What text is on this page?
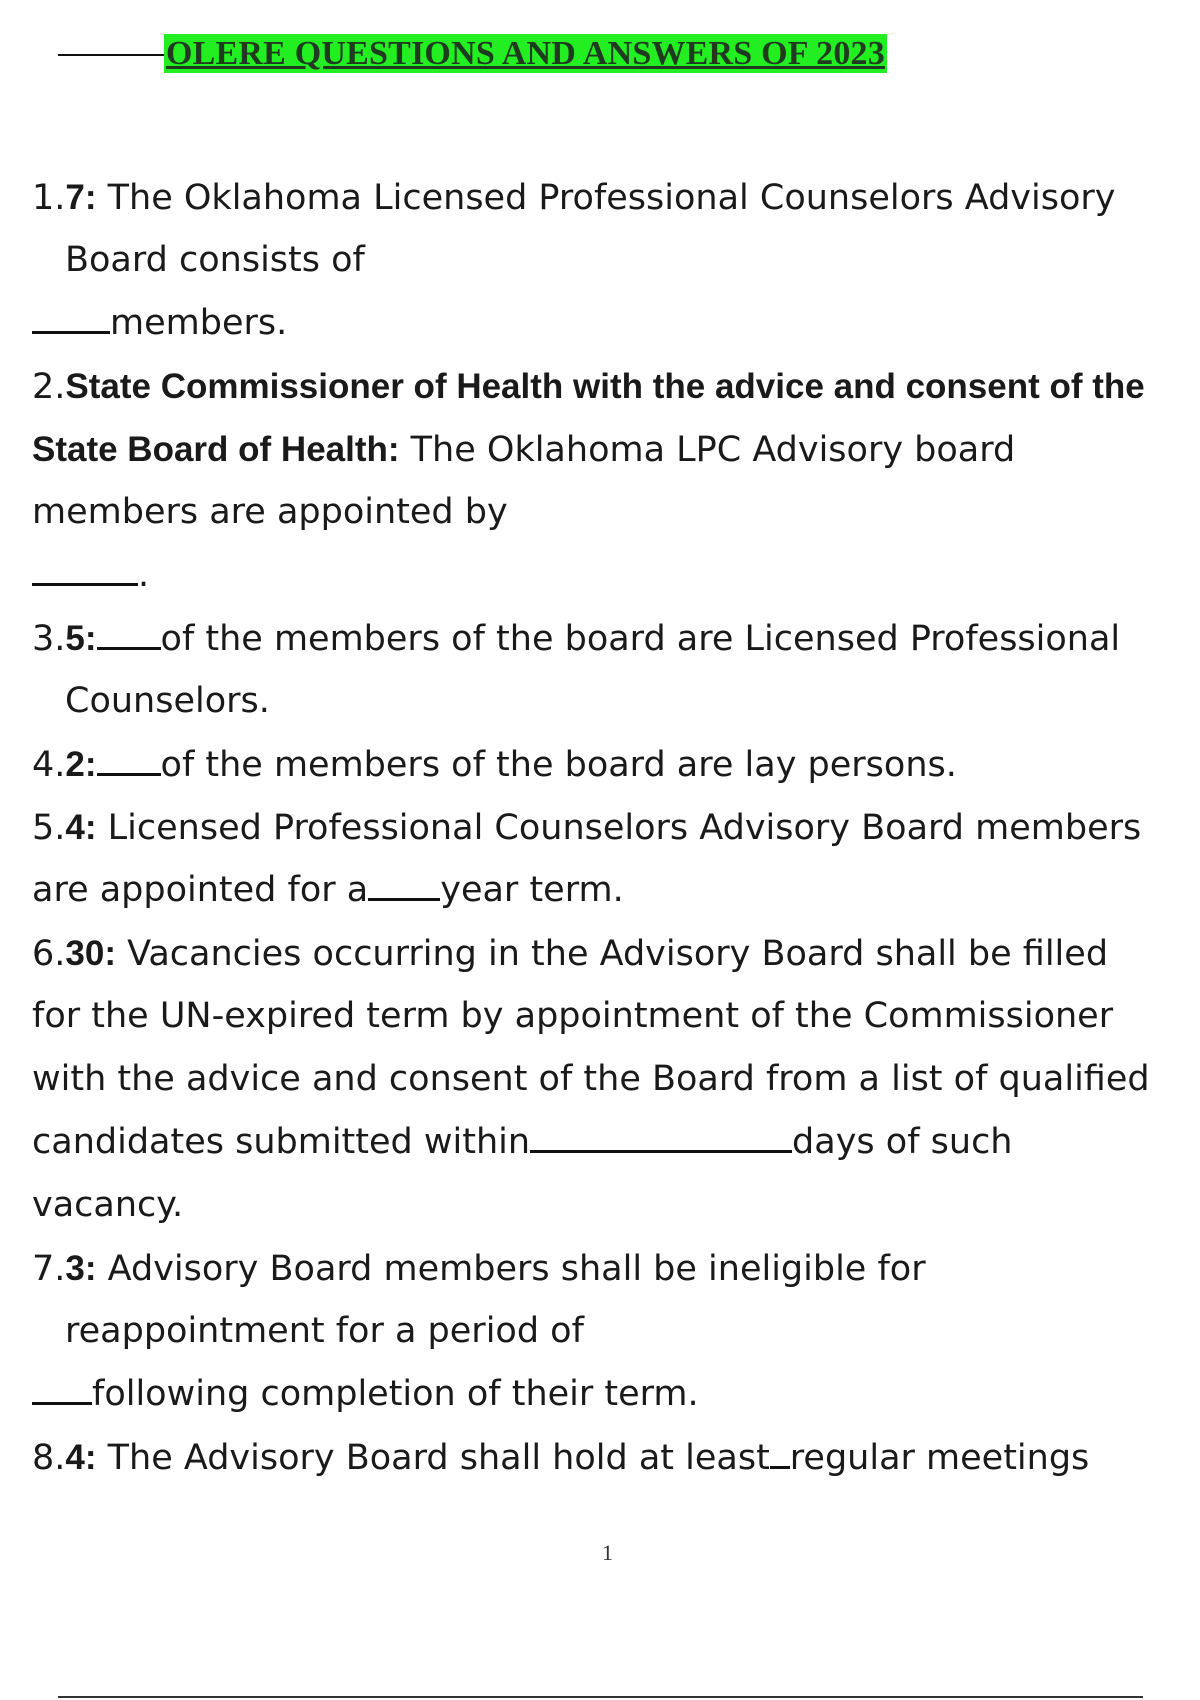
OLERE QUESTIONS AND ANSWERS OF 2023
1.7: The Oklahoma Licensed Professional Counselors Advisory
Board consists of
members.
2.State Commissioner of Health with the advice and consent of the
State Board of Health: The Oklahoma LPC Advisory board
members are appointed by
.
3.5: of the members of the board are Licensed Professional
Counselors.
4.2: of the members of the board are lay persons.
5.4: Licensed Professional Counselors Advisory Board members
are appointed for a year term.
6.30: Vacancies occurring in the Advisory Board shall be filled
for the UN-expired term by appointment of the Commissioner
with the advice and consent of the Board from a list of qualified
candidates submitted within	days of such
vacancy.
7.3: Advisory Board members shall be ineligible for
reappointment for a period of
following completion of their term.
8.4: The Advisory Board shall hold at least regular meetings
1
